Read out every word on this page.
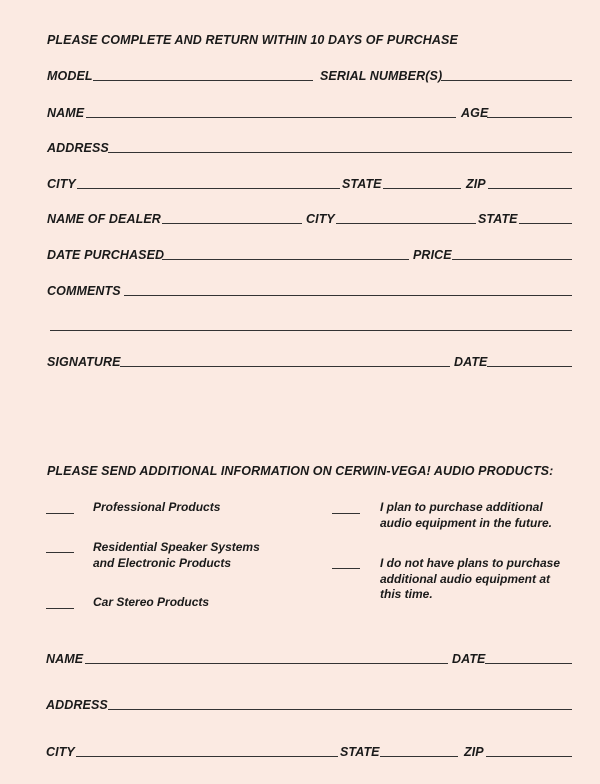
PLEASE COMPLETE AND RETURN WITHIN 10 DAYS OF PURCHASE
MODEL	SERIAL NUMBER(S)
NAME	AGE
ADDRESS
CITY	STATE	ZIP
NAME OF DEALER	CITY	STATE
DATE PURCHASED	PRICE
COMMENTS
SIGNATURE	DATE
PLEASE SEND ADDITIONAL INFORMATION ON CERWIN-VEGA! AUDIO PRODUCTS:
Professional Products
Residential Speaker Systems
and Electronic Products
Car Stereo Products
I plan to purchase additional
audio equipment in the future.
I do not have plans to purchase
additional audio equipment at
this time.
NAME	DATE
ADDRESS
CITY	STATE	ZIP
